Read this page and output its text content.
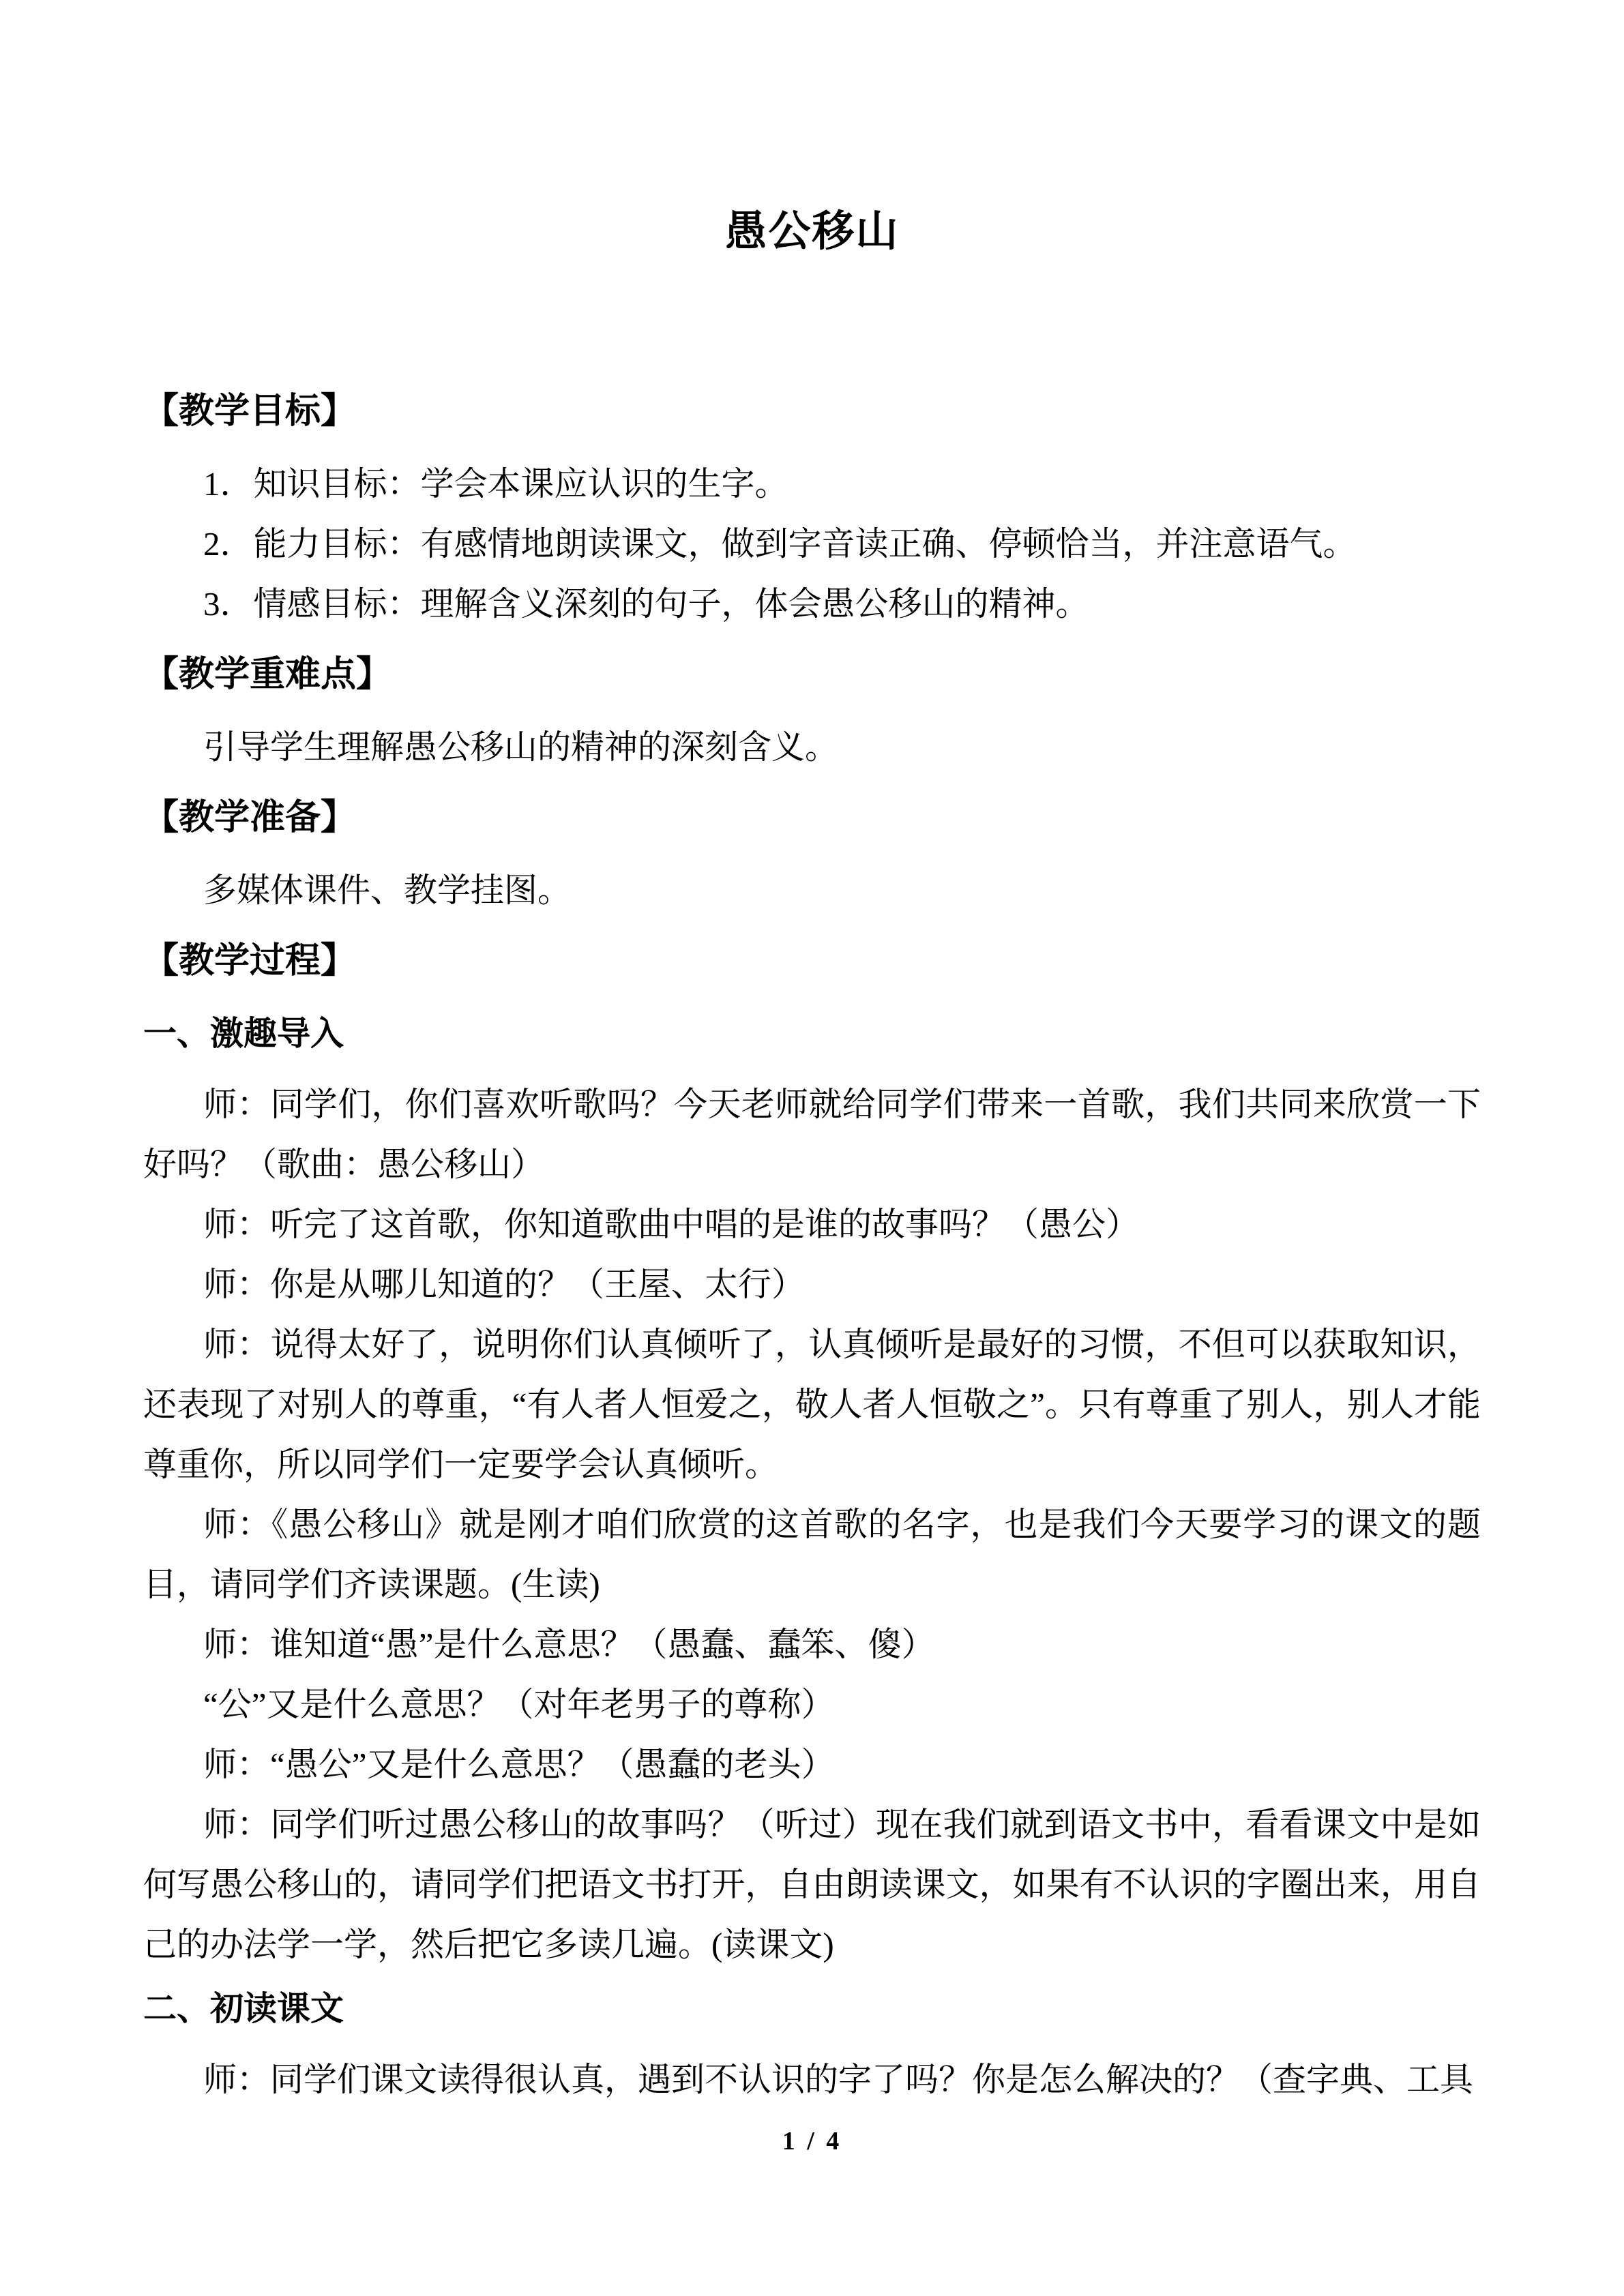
愚公移山
【教学目标】

1．知识目标：学会本课应认识的生字。

2．能力目标：有感情地朗读课文，做到字音读正确、停顿恰当，并注意语气。

3．情感目标：理解含义深刻的句子，体会愚公移山的精神。

【教学重难点】

引导学生理解愚公移山的精神的深刻含义。

【教学准备】

多媒体课件、教学挂图。

【教学过程】
一、激趣导入

师：同学们，你们喜欢听歌吗？今天老师就给同学们带来一首歌，我们共同来欣赏一下好吗？（歌曲：愚公移山）

师：听完了这首歌，你知道歌曲中唱的是谁的故事吗？（愚公）

师：你是从哪儿知道的？（王屋、太行）

师：说得太好了，说明你们认真倾听了，认真倾听是最好的习惯，不但可以获取知识，还表现了对别人的尊重，“有人者人恒爱之，敬人者人恒敬之”。只有尊重了别人，别人才能尊重你，所以同学们一定要学会认真倾听。

师：《愚公移山》就是刚才咱们欣赏的这首歌的名字，也是我们今天要学习的课文的题目，请同学们齐读课题。(生读)

师：谁知道“愚”是什么意思？（愚蠢、蠢笨、傻）

“公”又是什么意思？（对年老男子的尊称）

师：“愚公”又是什么意思？（愚蠢的老头）

师：同学们听过愚公移山的故事吗？（听过）现在我们就到语文书中，看看课文中是如何写愚公移山的，请同学们把语文书打开，自由朗读课文，如果有不认识的字圈出来，用自己的办法学一学，然后把它多读几遍。(读课文)

二、初读课文

师：同学们课文读得很认真，遇到不认识的字了吗？你是怎么解决的？（查字典、工具

1 / 4
